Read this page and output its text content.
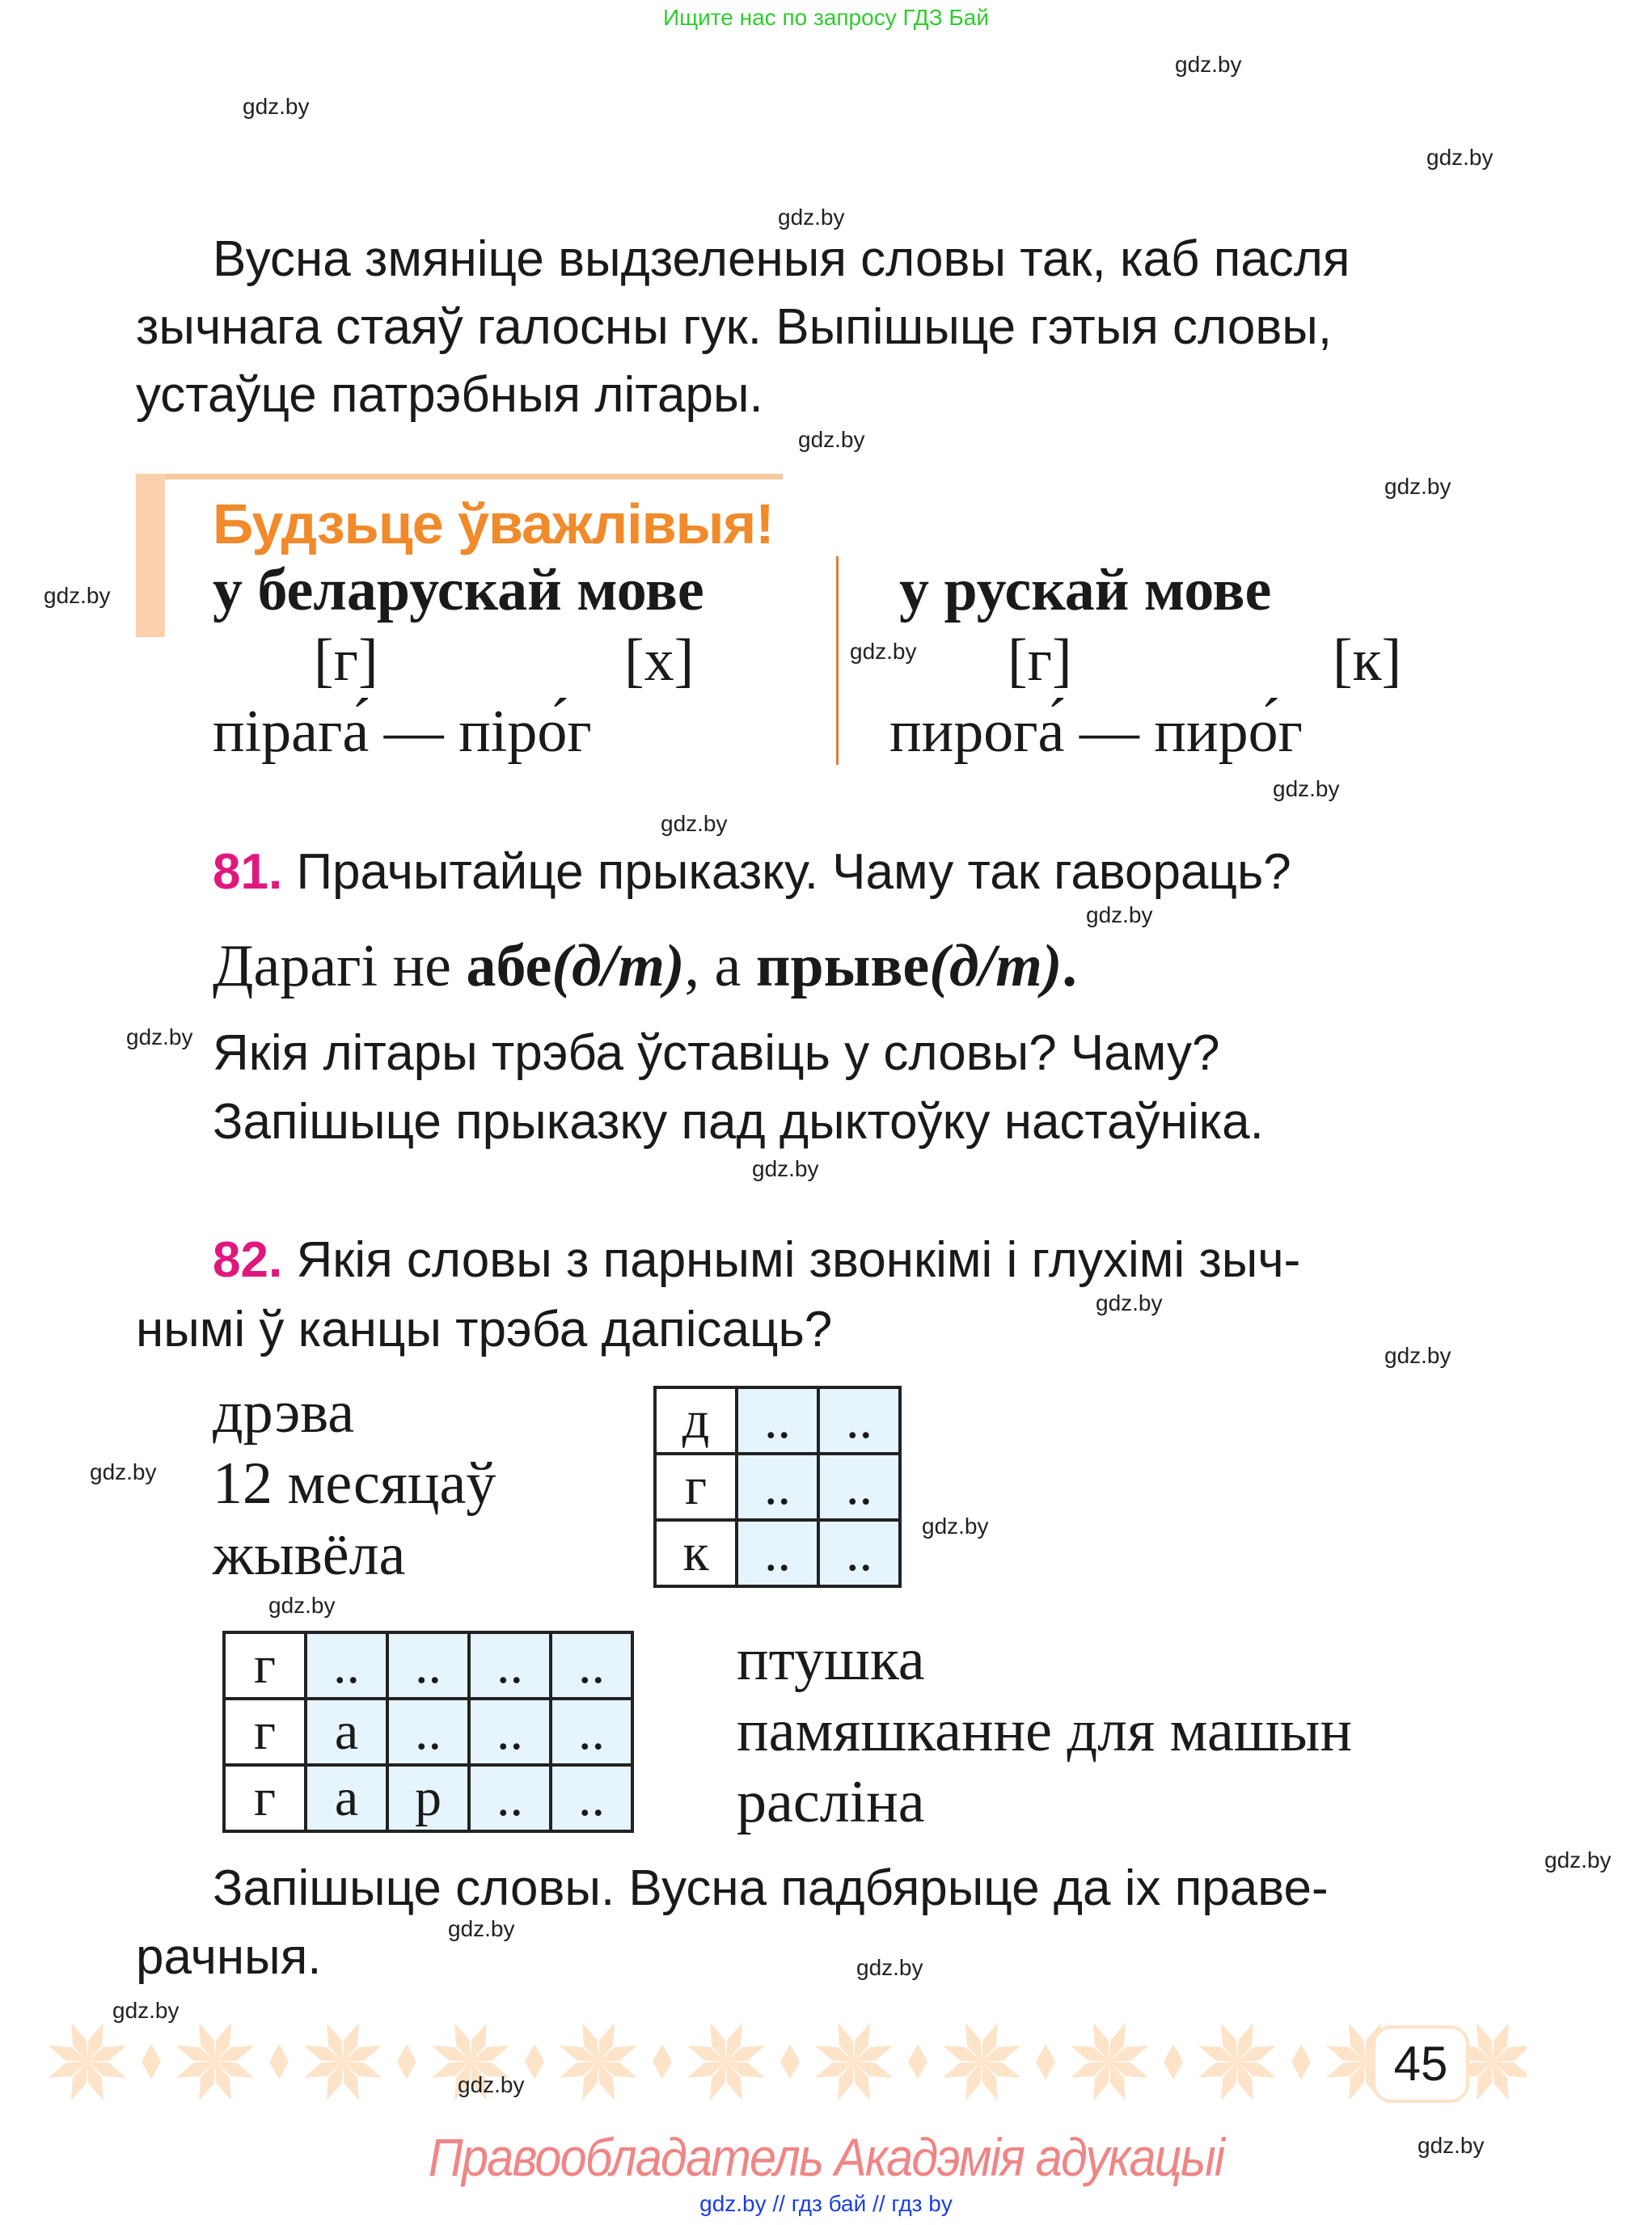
Ищите нас по запросу ГДЗ Бай
Вусна змяніце выдзеленыя словы так, каб пасля
зычнага стаяў галосны гук. Выпішыце гэтыя словы,
устаўце патрэбныя літары.
Будзьце ўважлівыя!
у беларускай мове
[г]	[х]
пірага́ — піро́г
у рускай мове
[г]	[к]
пирога́ — пиро́г
81. Прачытайце прыказку. Чаму так гавораць?
Дарагі не абе(д/т), а прыве(д/т).
Якія літары трэба ўставіць у словы? Чаму?
Запішыце прыказку пад дыктоўку настаўніка.
82. Якія словы з парнымі звонкімі і глухімі зыч-
нымі ў канцы трэба дапісаць?
дрэва
12 месяцаў
жывёла
д	..	..
г	..	..
к	..	..
г	..	..	..	..
г	а	..	..	..
г	а	р	..	..
птушка
памяшканне для машын
расліна
Запішыце словы. Вусна падбярыце да іх праве-
рачныя.
45
Правообладатель Акадэмія адукацыі
gdz.by // гдз бай // гдз by
gdz.by
gdz.by
gdz.by
gdz.by
gdz.by
gdz.by
gdz.by
gdz.by
gdz.by
gdz.by
gdz.by
gdz.by
gdz.by
gdz.by
gdz.by
gdz.by
gdz.by
gdz.by
gdz.by
gdz.by
gdz.by
gdz.by
gdz.by
gdz.by
